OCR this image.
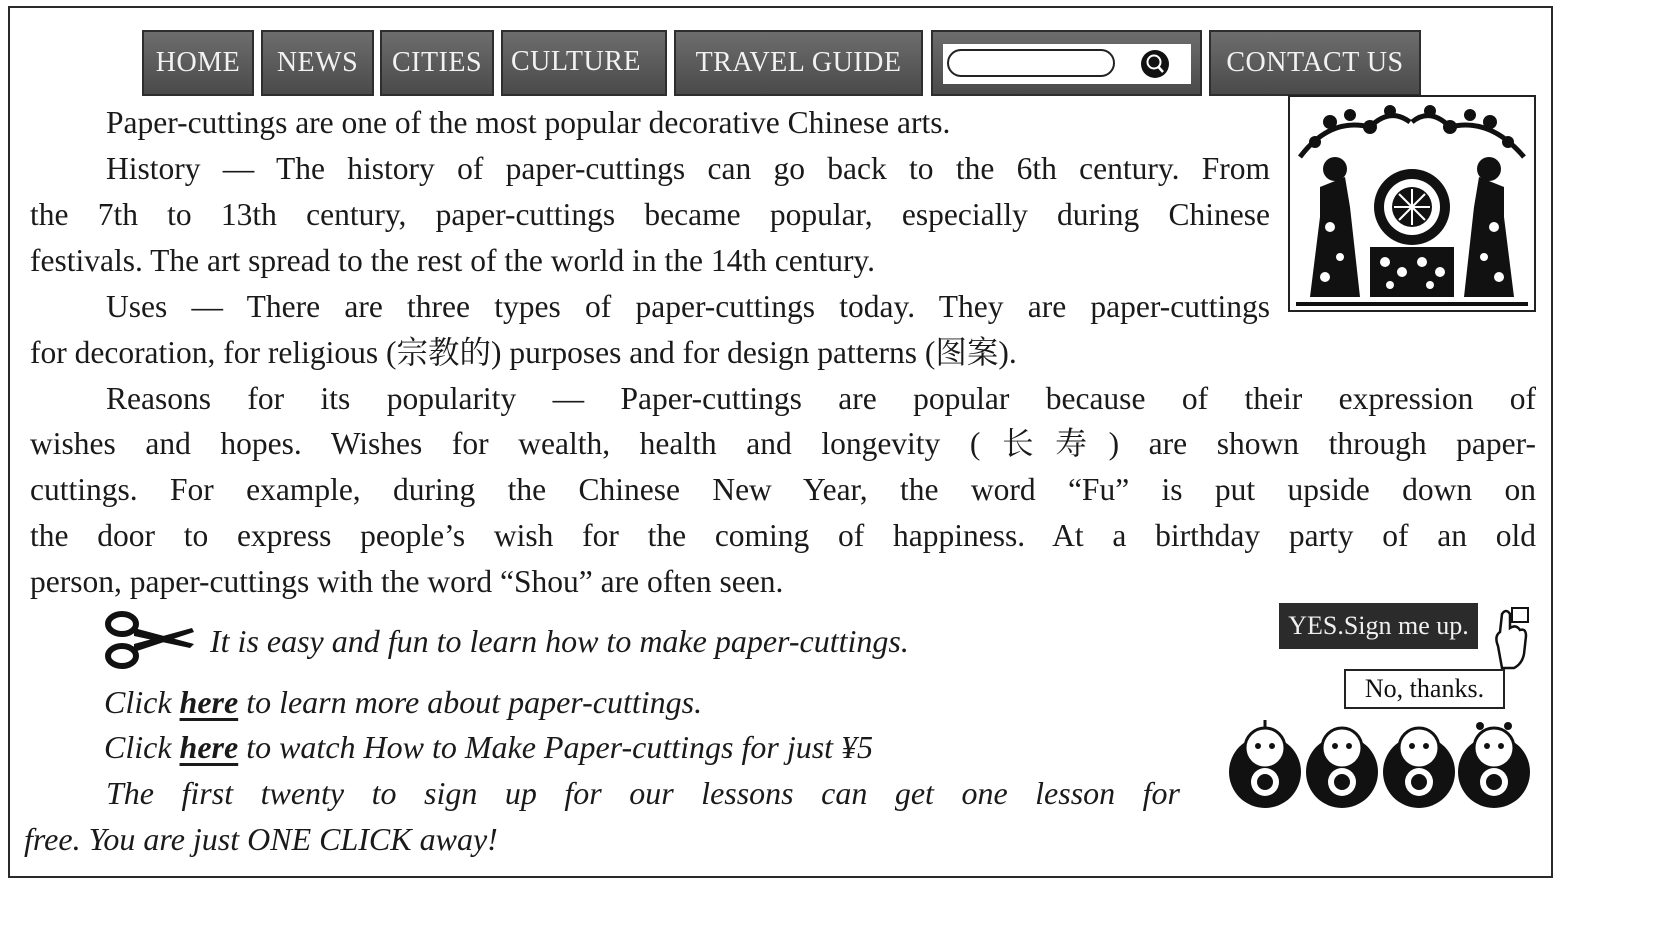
HOME	NEWS	CITIES	CULTURE	TRAVEL GUIDE	CONTACT US
Paper-cuttings are one of the most popular decorative Chinese arts.
History — The history of paper-cuttings can go back to the 6th century. From
the 7th to 13th century, paper-cuttings became popular, especially during Chinese
festivals. The art spread to the rest of the world in the 14th century.
Uses — There are three types of paper-cuttings today. They are paper-cuttings
for decoration, for religious (宗教的) purposes and for design patterns (图案).
Reasons for its popularity — Paper-cuttings are popular because of their expression of
wishes and hopes. Wishes for wealth, health and longevity (长寿) are shown through paper-
cuttings. For example, during the Chinese New Year, the word “Fu” is put upside down on
the door to express people’s wish for the coming of happiness. At a birthday party of an old
person, paper-cuttings with the word “Shou” are often seen.
It is easy and fun to learn how to make paper-cuttings.
Click here to learn more about paper-cuttings.
Click here to watch How to Make Paper-cuttings for just ¥5
The first twenty to sign up for our lessons can get one lesson for
free. You are just ONE CLICK away!
YES.Sign me up.
No, thanks.
